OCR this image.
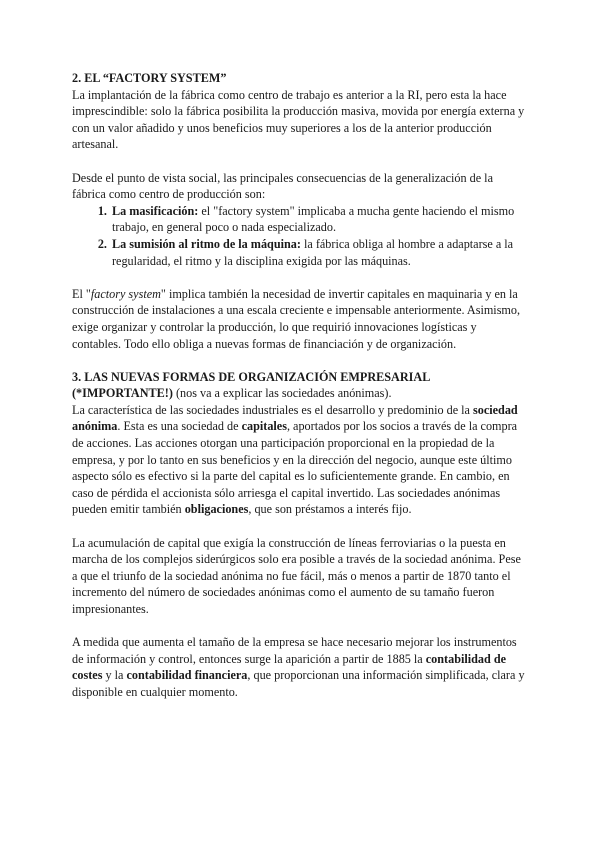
2. EL “FACTORY SYSTEM”

La implantación de la fábrica como centro de trabajo es anterior a la RI, pero esta la hace imprescindible: solo la fábrica posibilita la producción masiva, movida por energía externa y con un valor añadido y unos beneficios muy superiores a los de la anterior producción artesanal.

Desde el punto de vista social, las principales consecuencias de la generalización de la fábrica como centro de producción son:

1. La masificación: el "factory system" implicaba a mucha gente haciendo el mismo trabajo, en general poco o nada especializado.
2. La sumisión al ritmo de la máquina: la fábrica obliga al hombre a adaptarse a la regularidad, el ritmo y la disciplina exigida por las máquinas.

El "factory system" implica también la necesidad de invertir capitales en maquinaria y en la construcción de instalaciones a una escala creciente e impensable anteriormente. Asimismo, exige organizar y controlar la producción, lo que requirió innovaciones logísticas y contables. Todo ello obliga a nuevas formas de financiación y de organización.

3. LAS NUEVAS FORMAS DE ORGANIZACIÓN EMPRESARIAL (*IMPORTANTE!) (nos va a explicar las sociedades anónimas).

La característica de las sociedades industriales es el desarrollo y predominio de la sociedad anónima. Esta es una sociedad de capitales, aportados por los socios a través de la compra de acciones. Las acciones otorgan una participación proporcional en la propiedad de la empresa, y por lo tanto en sus beneficios y en la dirección del negocio, aunque este último aspecto sólo es efectivo si la parte del capital es lo suficientemente grande. En cambio, en caso de pérdida el accionista sólo arriesga el capital invertido. Las sociedades anónimas pueden emitir también obligaciones, que son préstamos a interés fijo.

La acumulación de capital que exigía la construcción de líneas ferroviarias o la puesta en marcha de los complejos siderúrgicos solo era posible a través de la sociedad anónima. Pese a que el triunfo de la sociedad anónima no fue fácil, más o menos a partir de 1870 tanto el incremento del número de sociedades anónimas como el aumento de su tamaño fueron impresionantes.

A medida que aumenta el tamaño de la empresa se hace necesario mejorar los instrumentos de información y control, entonces surge la aparición a partir de 1885 la contabilidad de costes y la contabilidad financiera, que proporcionan una información simplificada, clara y disponible en cualquier momento.
